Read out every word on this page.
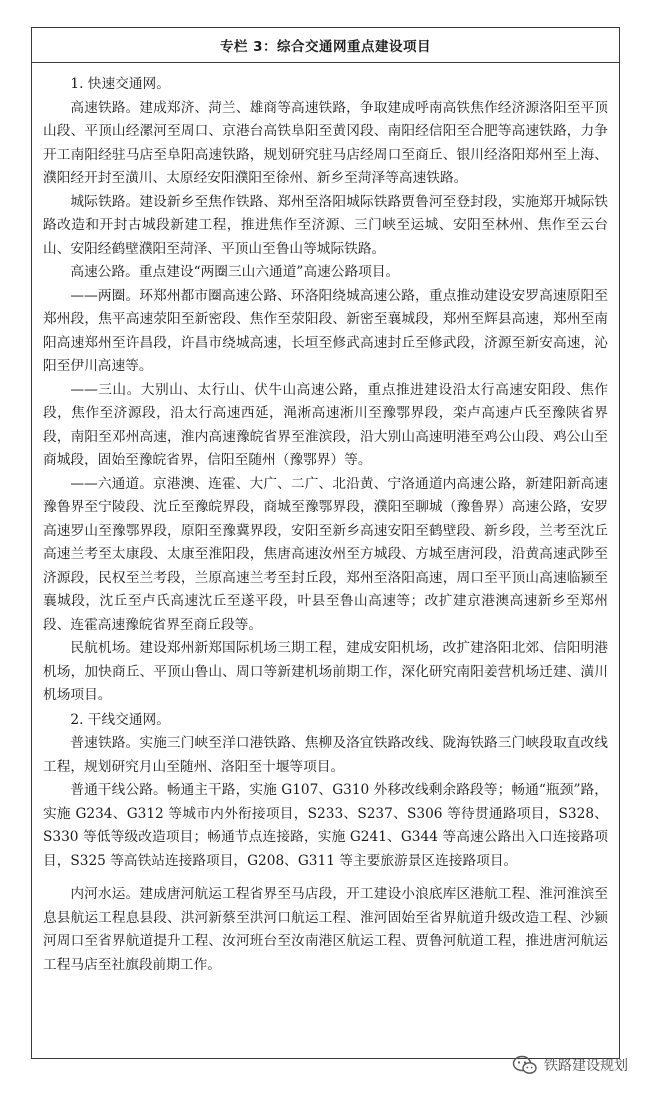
专栏 3：综合交通网重点建设项目

1. 快速交通网。

高速铁路。建成郑济、菏兰、雄商等高速铁路，争取建成呼南高铁焦作经济源洛阳至平顶山段、平顶山经漯河至周口、京港台高铁阜阳至黄冈段、南阳经信阳至合肥等高速铁路，力争开工南阳经驻马店至阜阳高速铁路，规划研究驻马店经周口至商丘、银川经洛阳郑州至上海、濮阳经开封至潢川、太原经安阳濮阳至徐州、新乡至菏泽等高速铁路。

城际铁路。建设新乡至焦作铁路、郑州至洛阳城际铁路贾鲁河至登封段，实施郑开城际铁路改造和开封古城段新建工程，推进焦作至济源、三门峡至运城、安阳至林州、焦作至云台山、安阳经鹤壁濮阳至菏泽、平顶山至鲁山等城际铁路。

高速公路。重点建设“两圈三山六通道”高速公路项目。

——两圈。环郑州都市圈高速公路、环洛阳绕城高速公路，重点推动建设安罗高速原阳至郑州段，焦平高速荥阳至新密段、焦作至荥阳段、新密至襄城段，郑州至辉县高速，郑州至南阳高速郑州至许昌段，许昌市绕城高速，长垣至修武高速封丘至修武段，济源至新安高速，沁阳至伊川高速等。

——三山。大别山、太行山、伏牛山高速公路，重点推进建设沿太行高速安阳段、焦作段，焦作至济源段，沿太行高速西延，渑淅高速淅川至豫鄂界段，栾卢高速卢氏至豫陕省界段，南阳至邓州高速，淮内高速豫皖省界至淮滨段，沿大别山高速明港至鸡公山段、鸡公山至商城段，固始至豫皖省界，信阳至随州（豫鄂界）等。

——六通道。京港澳、连霍、大广、二广、北沿黄、宁洛通道内高速公路，新建阳新高速豫鲁界至宁陵段、沈丘至豫皖界段，商城至豫鄂界段，濮阳至聊城（豫鲁界）高速公路，安罗高速罗山至豫鄂界段，原阳至豫冀界段，安阳至新乡高速安阳至鹤壁段、新乡段，兰考至沈丘高速兰考至太康段、太康至淮阳段，焦唐高速汝州至方城段、方城至唐河段，沿黄高速武陟至济源段，民权至兰考段，兰原高速兰考至封丘段，郑州至洛阳高速，周口至平顶山高速临颍至襄城段，沈丘至卢氏高速沈丘至遂平段，叶县至鲁山高速等；改扩建京港澳高速新乡至郑州段、连霍高速豫皖省界至商丘段等。

民航机场。建设郑州新郑国际机场三期工程，建成安阳机场，改扩建洛阳北郊、信阳明港机场，加快商丘、平顶山鲁山、周口等新建机场前期工作，深化研究南阳姜营机场迁建、潢川机场项目。

2. 干线交通网。

普速铁路。实施三门峡至洋口港铁路、焦柳及洛宜铁路改线、陇海铁路三门峡段取直改线工程，规划研究月山至随州、洛阳至十堰等项目。

普通干线公路。畅通主干路，实施 G107、G310 外移改线剩余路段等；畅通“瓶颈”路，实施 G234、G312 等城市内外衔接项目，S233、S237、S306 等待贯通路项目，S328、S330 等低等级改造项目；畅通节点连接路，实施 G241、G344 等高速公路出入口连接路项目，S325 等高铁站连接路项目，G208、G311 等主要旅游景区连接路项目。

内河水运。建成唐河航运工程省界至马店段，开工建设小浪底库区港航工程、淮河淮滨至息县航运工程息县段、洪河新蔡至洪河口航运工程、淮河固始至省界航道升级改造工程、沙颍河周口至省界航道提升工程、汝河班台至汝南港区航运工程、贾鲁河航道工程，推进唐河航运工程马店至社旗段前期工作。

铁路建设规划
